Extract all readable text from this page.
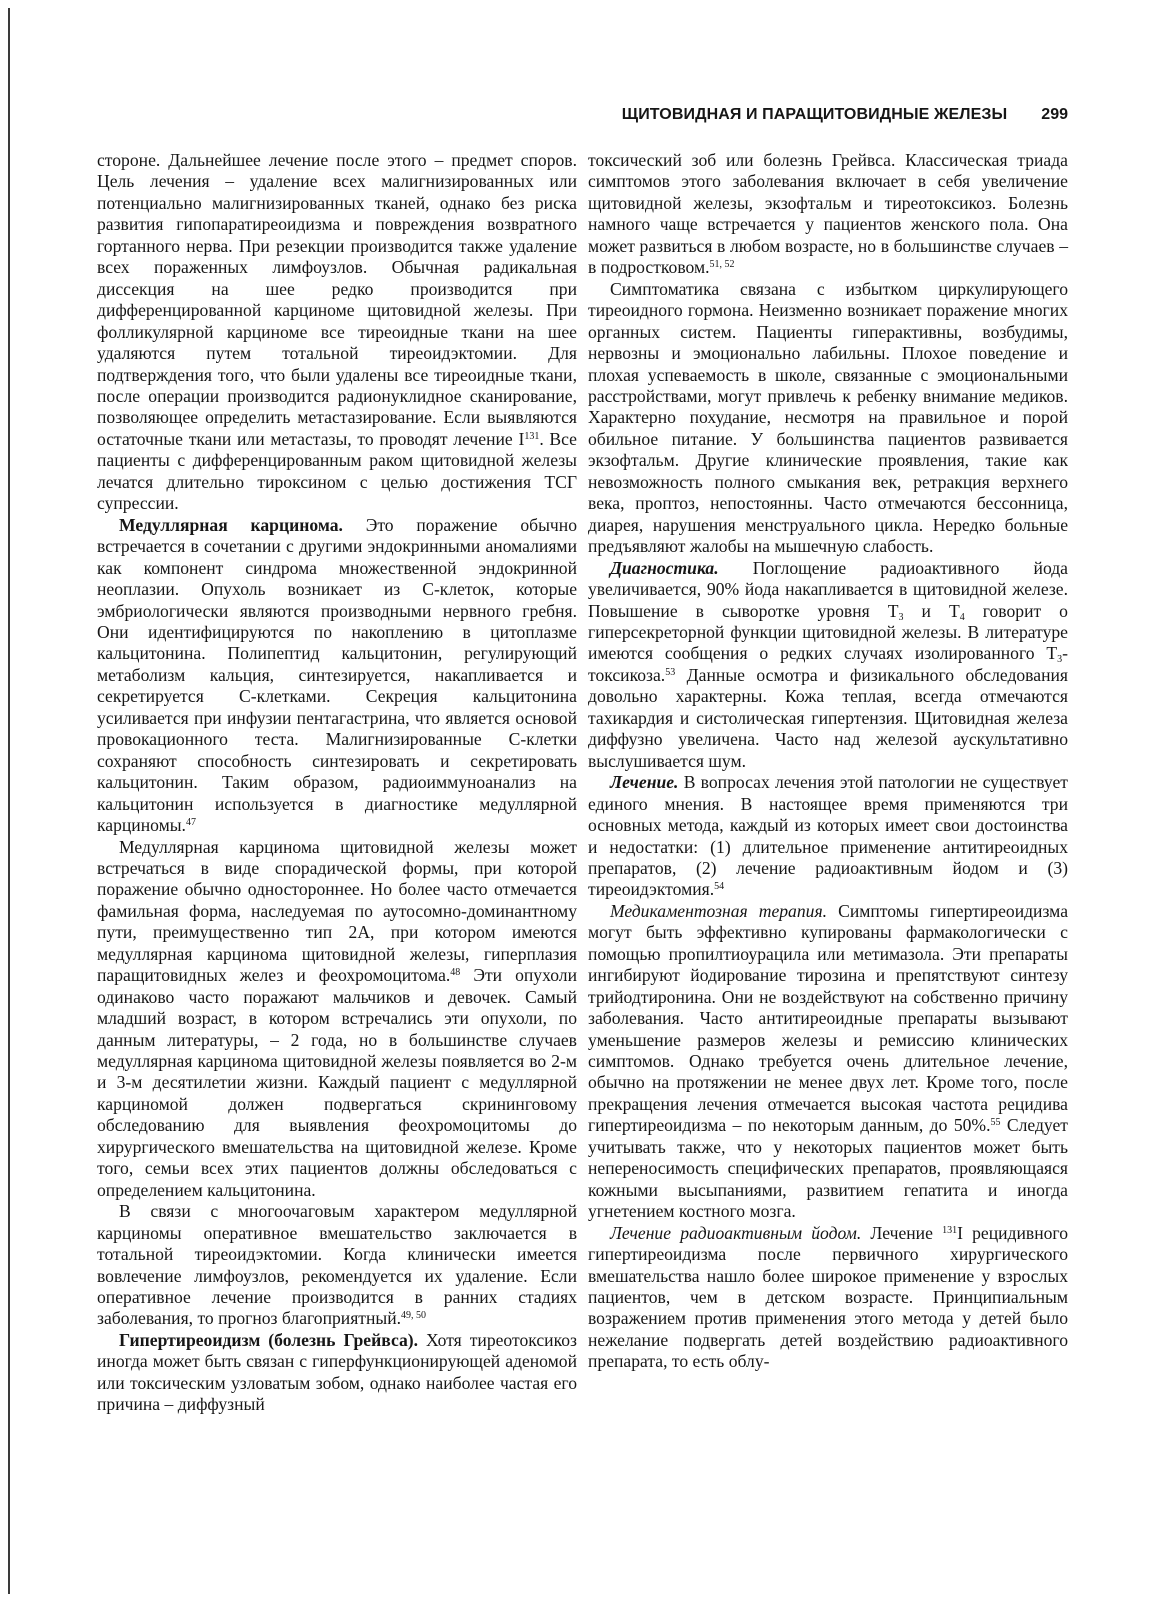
ЩИТОВИДНАЯ И ПАРАЩИТОВИДНЫЕ ЖЕЛЕЗЫ 299

стороне. Дальнейшее лечение после этого – предмет споров. Цель лечения – удаление всех малигнизированных или потенциально малигнизированных тканей, однако без риска развития гипопаратиреоидизма и повреждения возвратного гортанного нерва. При резекции производится также удаление всех пораженных лимфоузлов. Обычная радикальная диссекция на шее редко производится при дифференцированной карциноме щитовидной железы. При фолликулярной карциноме все тиреоидные ткани на шее удаляются путем тотальной тиреоидэктомии. Для подтверждения того, что были удалены все тиреоидные ткани, после операции производится радионуклидное сканирование, позволяющее определить метастазирование. Если выявляются остаточные ткани или метастазы, то проводят лечение $I^{131}$. Все пациенты с дифференцированным раком щитовидной железы лечатся длительно тироксином с целью достижения ТСГ супрессии.

Медуллярная карцинома. Это поражение обычно встречается в сочетании с другими эндокринными аномалиями как компонент синдрома множественной эндокринной неоплазии. Опухоль возникает из С-клеток, которые эмбриологически являются производными нервного гребня. Они идентифицируются по накоплению в цитоплазме кальцитонина. Полипептид кальцитонин, регулирующий метаболизм кальция, синтезируется, накапливается и секретируется С-клетками. Секреция кальцитонина усиливается при инфузии пентагастрина, что является основой провокационного теста. Малигнизированные С-клетки сохраняют способность синтезировать и секретировать кальцитонин. Таким образом, радиоиммуноанализ на кальцитонин используется в диагностике медуллярной карциномы.$^{47}$

Медуллярная карцинома щитовидной железы может встречаться в виде спорадической формы, при которой поражение обычно одностороннее. Но более часто отмечается фамильная форма, наследуемая по аутосомно-доминантному пути, преимущественно тип 2А, при котором имеются медуллярная карцинома щитовидной железы, гиперплазия паращитовидных желез и феохромоцитома.$^{48}$ Эти опухоли одинаково часто поражают мальчиков и девочек. Самый младший возраст, в котором встречались эти опухоли, по данным литературы, – 2 года, но в большинстве случаев медуллярная карцинома щитовидной железы появляется во 2-м и 3-м десятилетии жизни. Каждый пациент с медуллярной карциномой должен подвергаться скрининговому обследованию для выявления феохромоцитомы до хирургического вмешательства на щитовидной железе. Кроме того, семьи всех этих пациентов должны обследоваться с определением кальцитонина.

В связи с многоочаговым характером медуллярной карциномы оперативное вмешательство заключается в тотальной тиреоидэктомии. Когда клинически имеется вовлечение лимфоузлов, рекомендуется их удаление. Если оперативное лечение производится в ранних стадиях заболевания, то прогноз благоприятный.$^{49, 50}$

Гипертиреоидизм (болезнь Грейвса). Хотя тиреотоксикоз иногда может быть связан с гиперфункционирующей аденомой или токсическим узловатым зобом, однако наиболее частая его причина – диффузный

токсический зоб или болезнь Грейвса. Классическая триада симптомов этого заболевания включает в себя увеличение щитовидной железы, экзофтальм и тиреотоксикоз. Болезнь намного чаще встречается у пациентов женского пола. Она может развиться в любом возрасте, но в большинстве случаев – в подростковом.$^{51, 52}$

Симптоматика связана с избытком циркулирующего тиреоидного гормона. Неизменно возникает поражение многих органных систем. Пациенты гиперактивны, возбудимы, нервозны и эмоционально лабильны. Плохое поведение и плохая успеваемость в школе, связанные с эмоциональными расстройствами, могут привлечь к ребенку внимание медиков. Характерно похудание, несмотря на правильное и порой обильное питание. У большинства пациентов развивается экзофтальм. Другие клинические проявления, такие как невозможность полного смыкания век, ретракция верхнего века, проптоз, непостоянны. Часто отмечаются бессонница, диарея, нарушения менструального цикла. Нередко больные предъявляют жалобы на мышечную слабость.

Диагностика. Поглощение радиоактивного йода увеличивается, 90% йода накапливается в щитовидной железе. Повышение в сыворотке уровня $Т_3$ и $Т_4$ говорит о гиперсекреторной функции щитовидной железы. В литературе имеются сообщения о редких случаях изолированного $Т_3-токсикоза.^{53}$ Данные осмотра и физикального обследования довольно характерны. Кожа теплая, всегда отмечаются тахикардия и систолическая гипертензия. Щитовидная железа диффузно увеличена. Часто над железой аускультативно выслушивается шум.

Лечение. В вопросах лечения этой патологии не существует единого мнения. В настоящее время применяются три основных метода, каждый из которых имеет свои достоинства и недостатки: (1) длительное применение антитиреоидных препаратов, (2) лечение радиоактивным йодом и (3) тиреоидэктомия.$^{54}$

Медикаментозная терапия. Симптомы гипертиреоидизма могут быть эффективно купированы фармакологически с помощью пропилтиоурацила или метимазола. Эти препараты ингибируют йодирование тирозина и препятствуют синтезу трийодтиронина. Они не воздействуют на собственно причину заболевания. Часто антитиреоидные препараты вызывают уменьшение размеров железы и ремиссию клинических симптомов. Однако требуется очень длительное лечение, обычно на протяжении не менее двух лет. Кроме того, после прекращения лечения отмечается высокая частота рецидива гипертиреоидизма – по некоторым данным, до 50%.$^{55}$ Следует учитывать также, что у некоторых пациентов может быть непереносимость специфических препаратов, проявляющаяся кожными высыпаниями, развитием гепатита и иногда угнетением костного мозга.

Лечение радиоактивным йодом. Лечение $^{131}$I рецидивного гипертиреоидизма после первичного хирургического вмешательства нашло более широкое применение у взрослых пациентов, чем в детском возрасте. Принципиальным возражением против применения этого метода у детей было нежелание подвергать детей воздействию радиоактивного препарата, то есть облу-
